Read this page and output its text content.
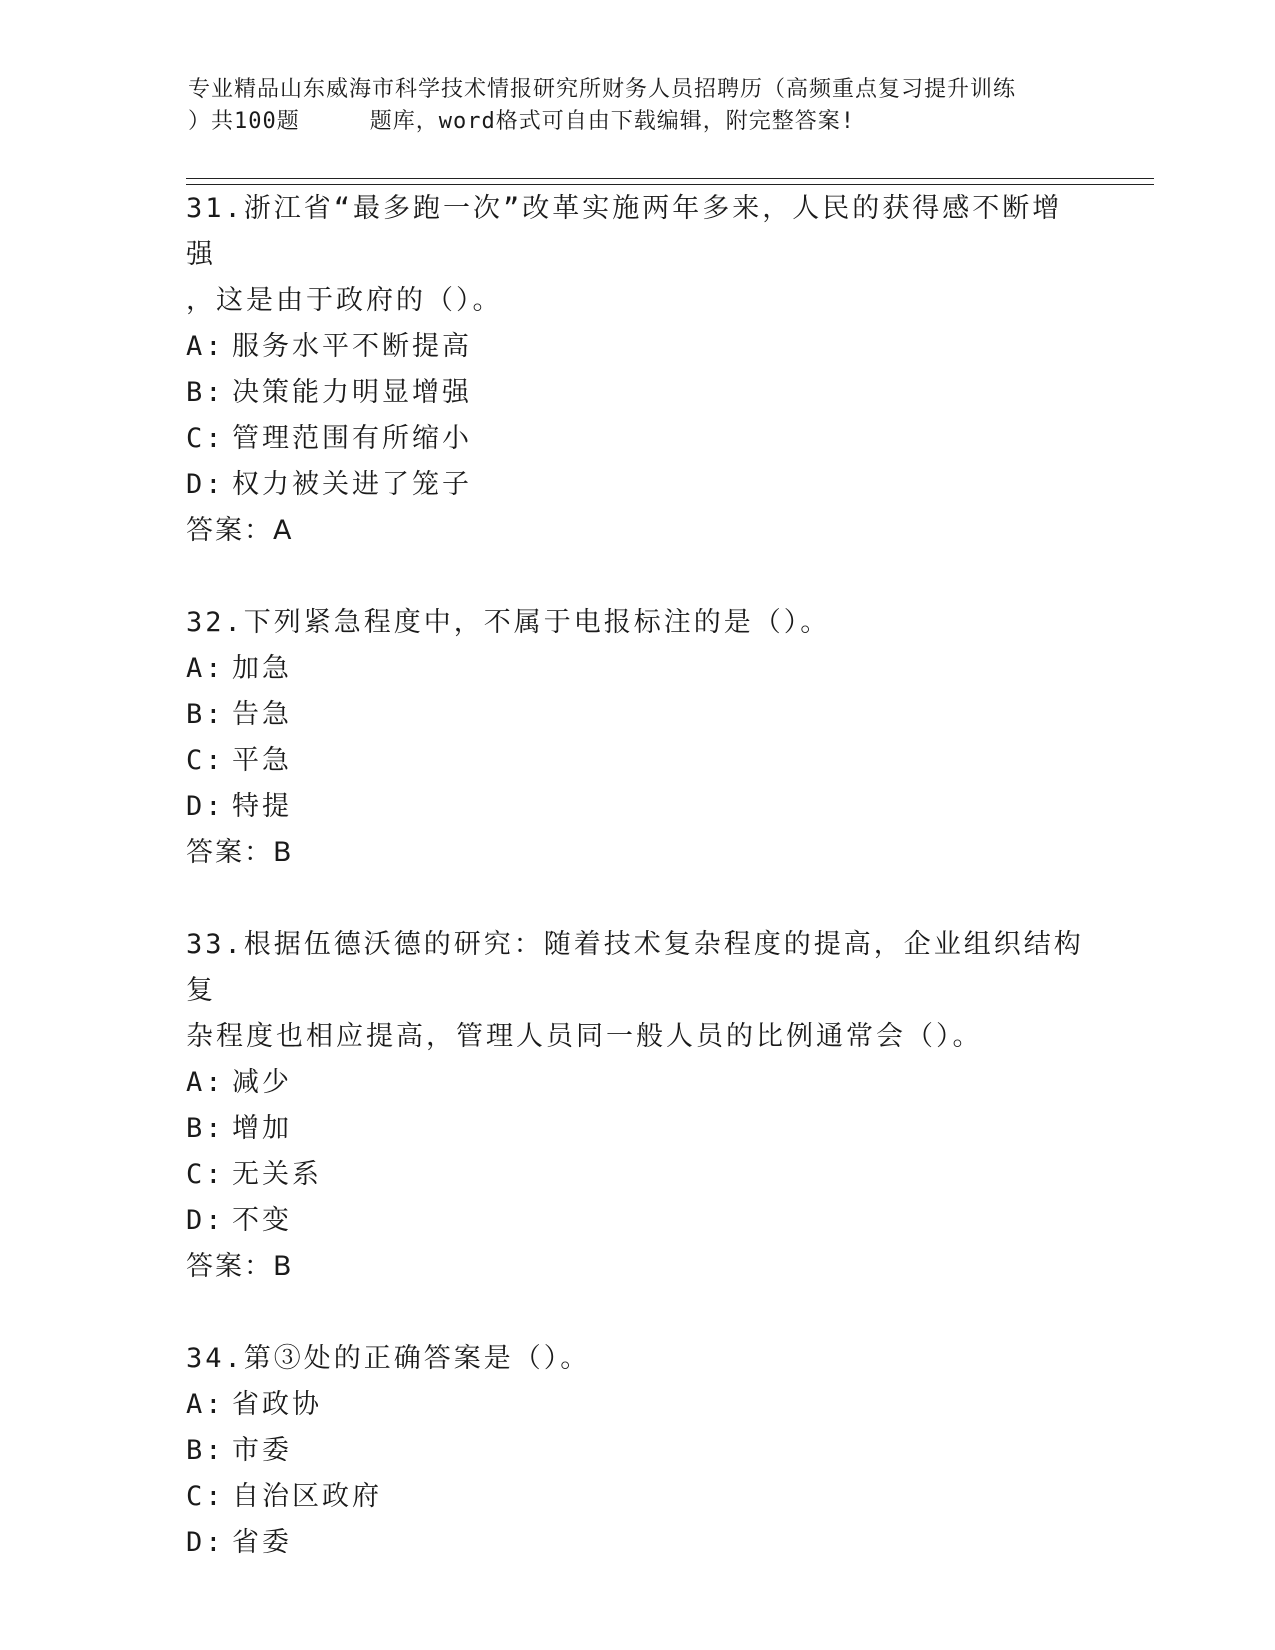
专业精品山东威海市科学技术情报研究所财务人员招聘历（高频重点复习提升训练
）共100题	题库，word格式可自由下载编辑，附完整答案!

31.浙江省“最多跑一次”改革实施两年多来，人民的获得感不断增强

，这是由于政府的（）。

A: 服务水平不断提高

B: 决策能力明显增强

C: 管理范围有所缩小

D: 权力被关进了笼子

答案：A

32.下列紧急程度中，不属于电报标注的是（）。

A: 加急

B: 告急

C: 平急

D: 特提

答案：B

33.根据伍德沃德的研究：随着技术复杂程度的提高，企业组织结构复

杂程度也相应提高，管理人员同一般人员的比例通常会（）。

A: 减少

B: 增加

C: 无关系

D: 不变

答案：B

34.第③处的正确答案是（）。

A: 省政协

B: 市委

C: 自治区政府

D: 省委
